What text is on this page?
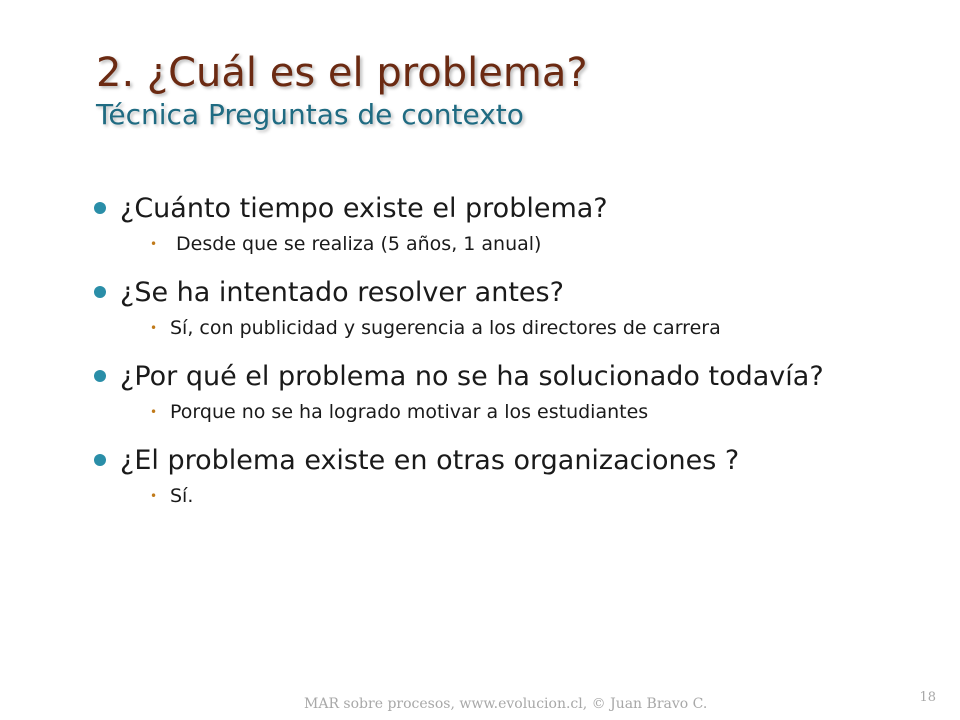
2. ¿Cuál es el problema?
Técnica Preguntas de contexto
¿Cuánto tiempo existe el problema?
• Desde que se realiza (5 años, 1 anual)
¿Se ha intentado resolver antes?
• Sí, con publicidad y sugerencia a los directores de carrera
¿Por qué el problema no se ha solucionado todavía?
• Porque no se ha logrado motivar a los estudiantes
¿El problema existe en otras organizaciones ?
• Sí.
MAR sobre procesos, www.evolucion.cl, © Juan Bravo C.	18
